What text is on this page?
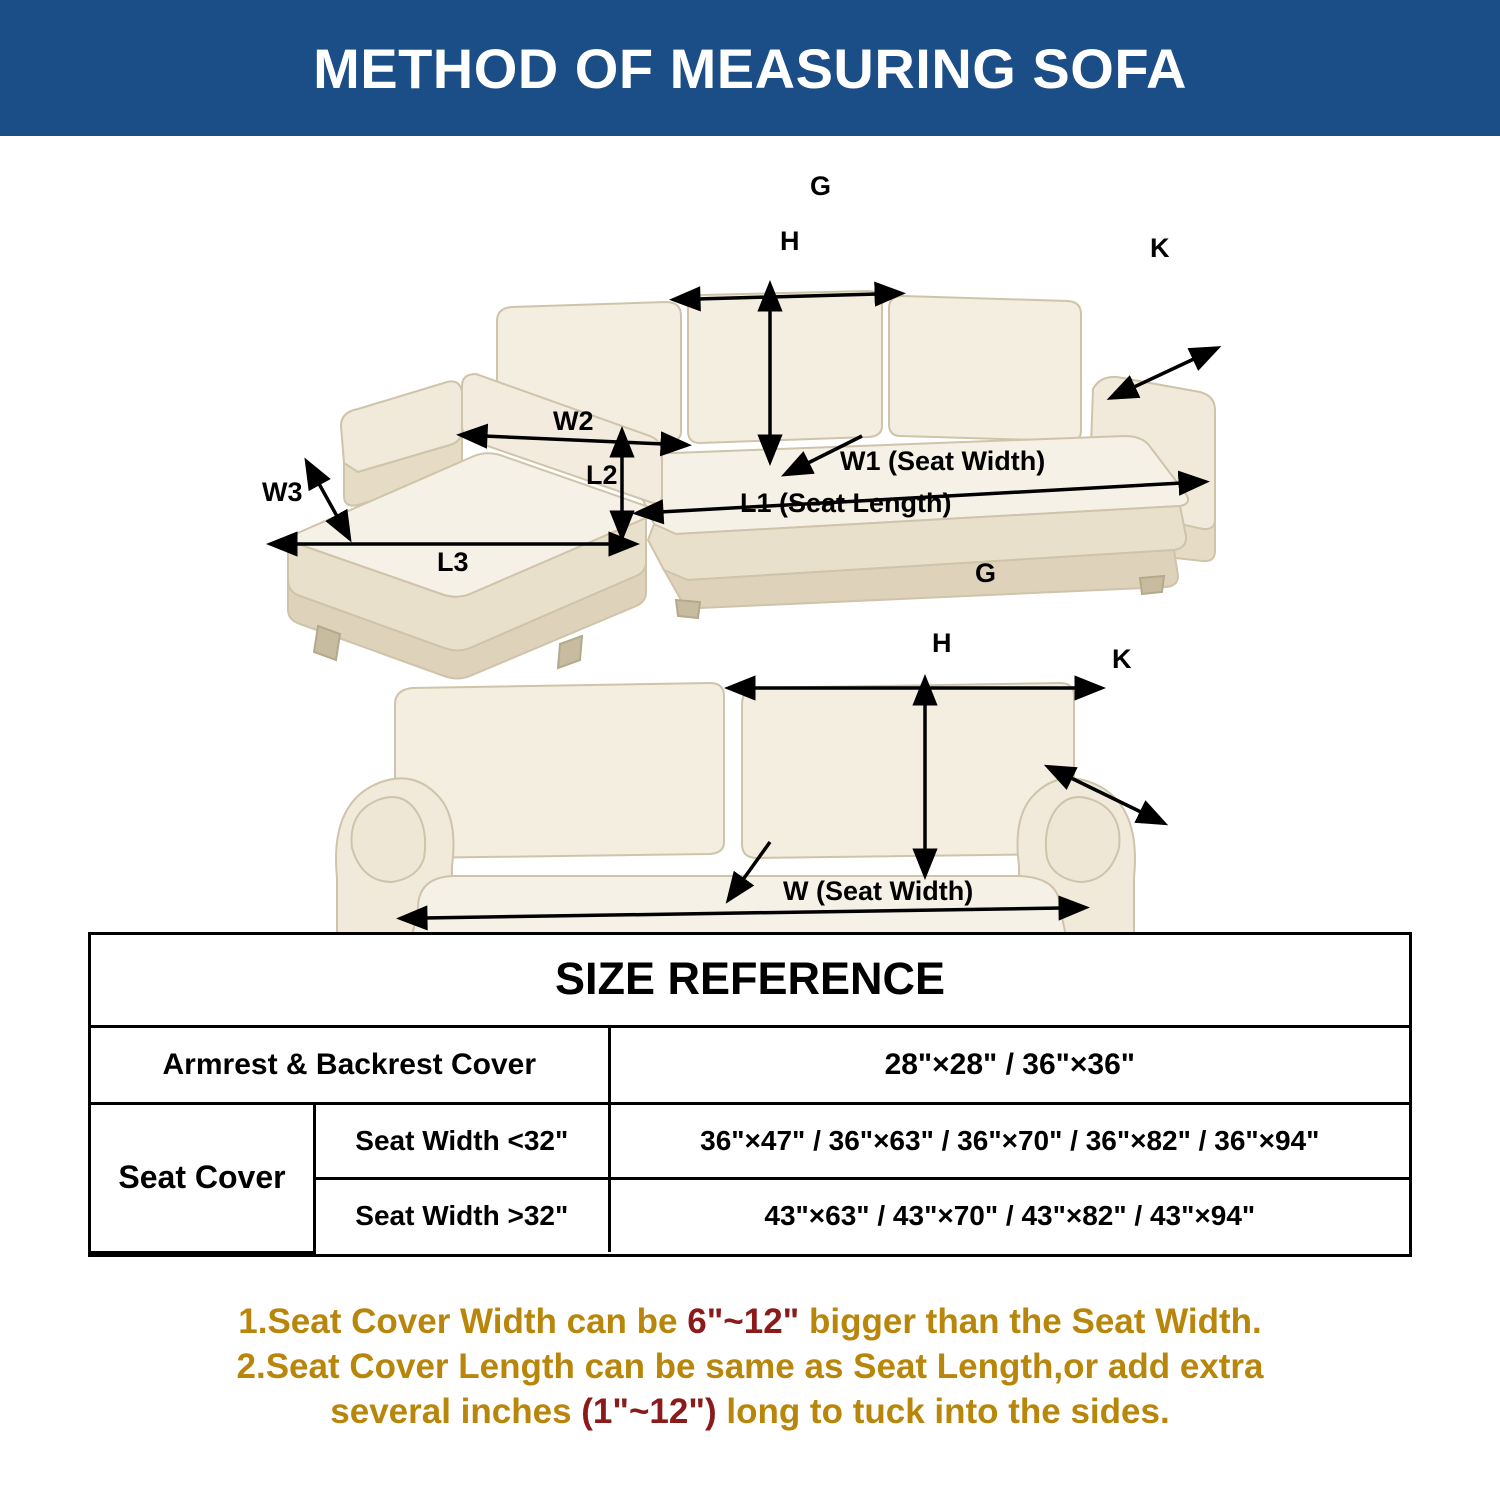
METHOD OF MEASURING SOFA
G
H	K
W1 (Seat Width)
W2
W3	L1 (Seat Length)
L2
L3	G
H
K
W (Seat Width)
SIZE REFERENCE		
Armrest & Backrest Cover		28"×28" / 36"×36"
Seat Cover	Seat Width <32"	36"×47" / 36"×63" / 36"×70" / 36"×82" / 36"×94"
	Seat Width >32"	43"×63" / 43"×70" / 43"×82" / 43"×94"
1.Seat Cover Width can be 6"~12" bigger than the Seat Width.
2.Seat Cover Length can be same as Seat Length,or add extra
several inches (1"~12") long to tuck into the sides.
